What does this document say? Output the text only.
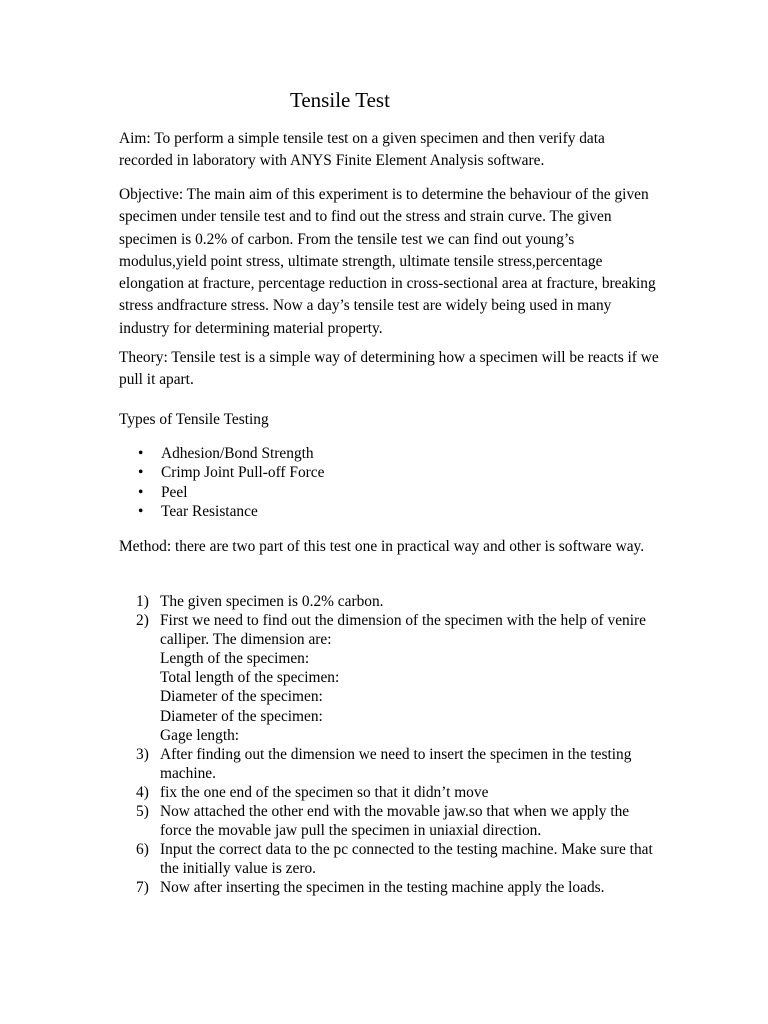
Tensile Test

Aim: To perform a simple tensile test on a given specimen and then verify data recorded in laboratory with ANYS Finite Element Analysis software.

Objective: The main aim of this experiment is to determine the behaviour of the given specimen under tensile test and to find out the stress and strain curve. The given specimen is 0.2% of carbon. From the tensile test we can find out young’s modulus,yield point stress, ultimate strength, ultimate tensile stress,percentage elongation at fracture, percentage reduction in cross-sectional area at fracture, breaking stress andfracture stress. Now a day’s tensile test are widely being used in many industry for determining material property.

Theory: Tensile test is a simple way of determining how a specimen will be reacts if we pull it apart.

Types of Tensile Testing

• Adhesion/Bond Strength
• Crimp Joint Pull-off Force
• Peel
• Tear Resistance

Method: there are two part of this test one in practical way and other is software way.

1) The given specimen is 0.2% carbon.
2) First we need to find out the dimension of the specimen with the help of venire calliper. The dimension are:
Length of the specimen:
Total length of the specimen:
Diameter of the specimen:
Diameter of the specimen:
Gage length:
3) After finding out the dimension we need to insert the specimen in the testing machine.
4) fix the one end of the specimen so that it didn’t move
5) Now attached the other end with the movable jaw.so that when we apply the force the movable jaw pull the specimen in uniaxial direction.
6) Input the correct data to the pc connected to the testing machine. Make sure that the initially value is zero.
7) Now after inserting the specimen in the testing machine apply the loads.
